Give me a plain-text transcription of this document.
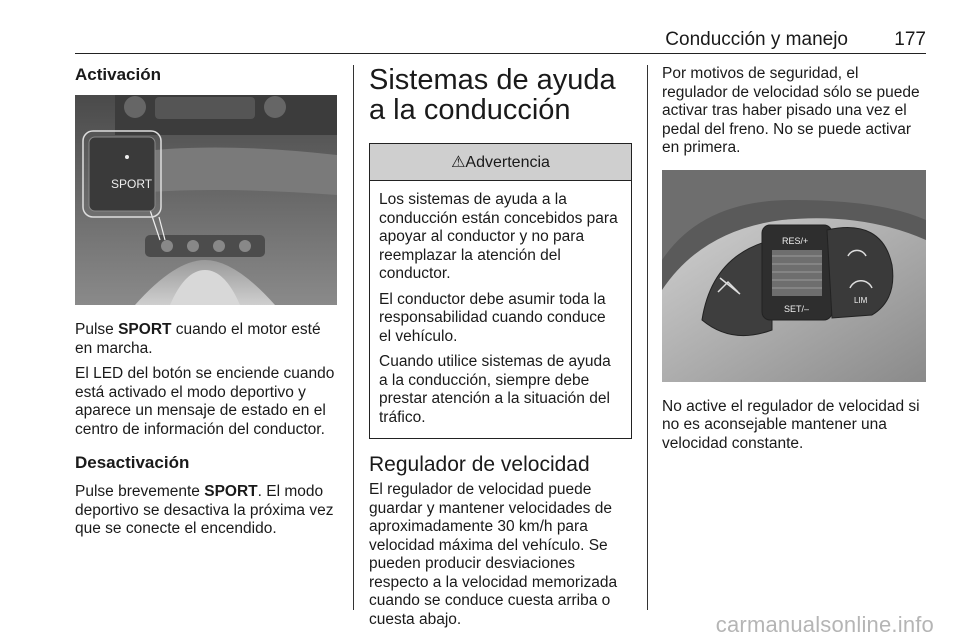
Conducción y manejo 177
Activación
SPORT
Pulse SPORT cuando el motor esté en marcha.
El LED del botón se enciende cuando está activado el modo deportivo y aparece un mensaje de estado en el centro de información del conductor.
Desactivación
Pulse brevemente SPORT. El modo deportivo se desactiva la próxima vez que se conecte el encendido.
Sistemas de ayuda a la conducción
⚠Advertencia
Los sistemas de ayuda a la conducción están concebidos para apoyar al conductor y no para reemplazar la atención del conductor.
El conductor debe asumir toda la responsabilidad cuando conduce el vehículo.
Cuando utilice sistemas de ayuda a la conducción, siempre debe prestar atención a la situación del tráfico.
Regulador de velocidad
El regulador de velocidad puede guardar y mantener velocidades de aproximadamente 30 km/h para velocidad máxima del vehículo. Se pueden producir desviaciones respecto a la velocidad memorizada cuando se conduce cuesta arriba o cuesta abajo.
Por motivos de seguridad, el regulador de velocidad sólo se puede activar tras haber pisado una vez el pedal del freno. No se puede activar en primera.
RES/+
SET/–
LIM
No active el regulador de velocidad si no es aconsejable mantener una velocidad constante.
carmanualsonline.info
